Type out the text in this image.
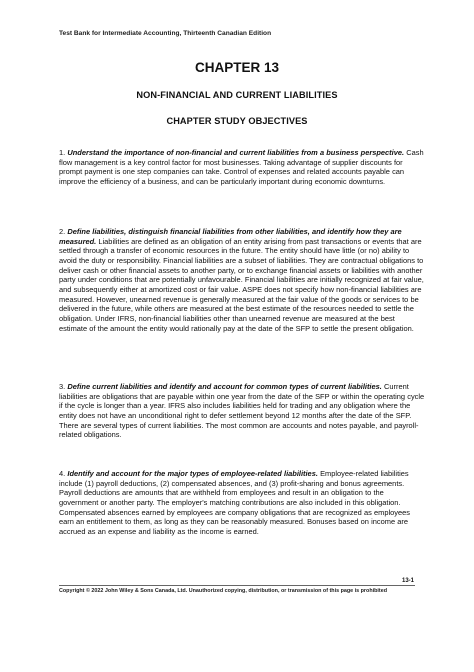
Test Bank for Intermediate Accounting, Thirteenth Canadian Edition
CHAPTER 13
NON-FINANCIAL AND CURRENT LIABILITIES
CHAPTER STUDY OBJECTIVES
1. Understand the importance of non-financial and current liabilities from a business perspective. Cash flow management is a key control factor for most businesses. Taking advantage of supplier discounts for prompt payment is one step companies can take. Control of expenses and related accounts payable can improve the efficiency of a business, and can be particularly important during economic downturns.
2. Define liabilities, distinguish financial liabilities from other liabilities, and identify how they are measured. Liabilities are defined as an obligation of an entity arising from past transactions or events that are settled through a transfer of economic resources in the future. The entity should have little (or no) ability to avoid the duty or responsibility. Financial liabilities are a subset of liabilities. They are contractual obligations to deliver cash or other financial assets to another party, or to exchange financial assets or liabilities with another party under conditions that are potentially unfavourable. Financial liabilities are initially recognized at fair value, and subsequently either at amortized cost or fair value. ASPE does not specify how non-financial liabilities are measured. However, unearned revenue is generally measured at the fair value of the goods or services to be delivered in the future, while others are measured at the best estimate of the resources needed to settle the obligation. Under IFRS, non-financial liabilities other than unearned revenue are measured at the best estimate of the amount the entity would rationally pay at the date of the SFP to settle the present obligation.
3. Define current liabilities and identify and account for common types of current liabilities. Current liabilities are obligations that are payable within one year from the date of the SFP or within the operating cycle if the cycle is longer than a year. IFRS also includes liabilities held for trading and any obligation where the entity does not have an unconditional right to defer settlement beyond 12 months after the date of the SFP. There are several types of current liabilities. The most common are accounts and notes payable, and payroll-related obligations.
4. Identify and account for the major types of employee-related liabilities. Employee-related liabilities include (1) payroll deductions, (2) compensated absences, and (3) profit-sharing and bonus agreements. Payroll deductions are amounts that are withheld from employees and result in an obligation to the government or another party. The employer's matching contributions are also included in this obligation. Compensated absences earned by employees are company obligations that are recognized as employees earn an entitlement to them, as long as they can be reasonably measured. Bonuses based on income are accrued as an expense and liability as the income is earned.
13-1
Copyright © 2022 John Wiley & Sons Canada, Ltd. Unauthorized copying, distribution, or transmission of this page is prohibited
